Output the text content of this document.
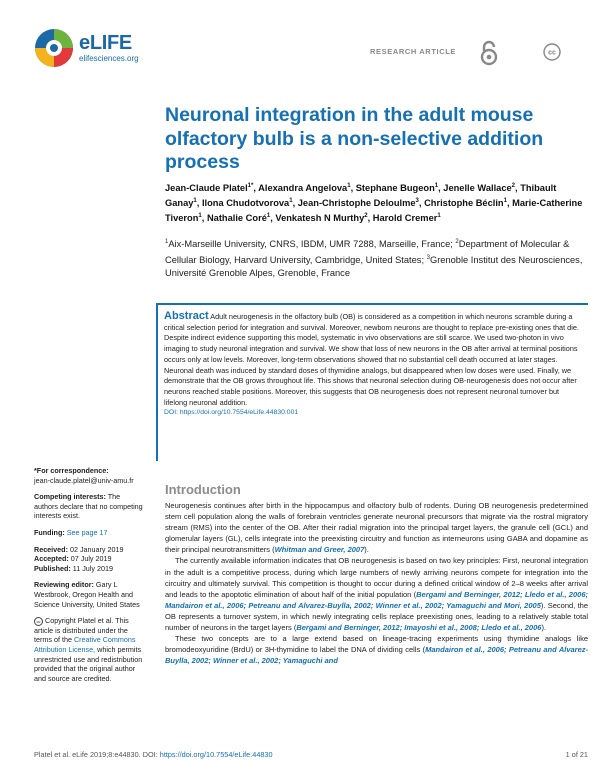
eLIFE
elifesciences.org
RESEARCH ARTICLE	cc
Neuronal integration in the adult mouse olfactory bulb is a non-selective addition process
Jean-Claude Platel$^{1*}$, Alexandra Angelova$^1$, Stephane Bugeon$^1$, Jenelle Wallace$^2$, Thibault Ganay$^1$, Ilona Chudotvorova$^1$, Jean-Christophe Deloulme$^3$, Christophe Béclin$^1$, Marie-Catherine Tiveron$^1$, Nathalie Coré$^1$, Venkatesh N Murthy$^2$, Harold Cremer$^1$
$^1$Aix-Marseille University, CNRS, IBDM, UMR 7288, Marseille, France; $^2$Department of Molecular & Cellular Biology, Harvard University, Cambridge, United States; $^3$Grenoble Institut des Neurosciences, Université Grenoble Alpes, Grenoble, France
Abstract Adult neurogenesis in the olfactory bulb (OB) is considered as a competition in which neurons scramble during a critical selection period for integration and survival. Moreover, newborn neurons are thought to replace pre-existing ones that die. Despite indirect evidence supporting this model, systematic in vivo observations are still scarce. We used two-photon in vivo imaging to study neuronal integration and survival. We show that loss of new neurons in the OB after arrival at terminal positions occurs only at low levels. Moreover, long-term observations showed that no substantial cell death occurred at later stages. Neuronal death was induced by standard doses of thymidine analogs, but disappeared when low doses were used. Finally, we demonstrate that the OB grows throughout life. This shows that neuronal selection during OB-neurogenesis does not occur after neurons reached stable positions. Moreover, this suggests that OB neurogenesis does not represent neuronal turnover but lifelong neuronal addition.
DOI: https://doi.org/10.7554/eLife.44830.001
*For correspondence:
jean-claude.platel@univ-amu.fr
Competing interests: The authors declare that no competing interests exist.
Funding: See page 17
Received: 02 January 2019
Accepted: 07 July 2019
Published: 11 July 2019
Reviewing editor: Gary L Westbrook, Oregon Health and Science University, United States
cc Copyright Platel et al. This article is distributed under the terms of the Creative Commons Attribution License, which permits unrestricted use and redistribution provided that the original author and source are credited.
Introduction

Neurogenesis continues after birth in the hippocampus and olfactory bulb of rodents. During OB neurogenesis predetermined stem cell population along the walls of forebrain ventricles generate neuronal precursors that migrate via the rostral migratory stream (RMS) into the center of the OB. After their radial migration into the principal target layers, the granule cell (GCL) and glomerular layers (GL), cells integrate into the preexisting circuitry and function as interneurons using GABA and dopamine as their principal neurotransmitters (Whitman and Greer, 2007).

The currently available information indicates that OB neurogenesis is based on two key principles: First, neuronal integration in the adult is a competitive process, during which large numbers of newly arriving neurons compete for integration into the circuitry and ultimately survival. This competition is thought to occur during a defined critical window of 2–8 weeks after arrival and leads to the apoptotic elimination of about half of the initial population (Bergami and Berninger, 2012; Lledo et al., 2006; Mandairon et al., 2006; Petreanu and Alvarez-Buylla, 2002; Winner et al., 2002; Yamaguchi and Mori, 2005). Second, the OB represents a turnover system, in which newly integrating cells replace preexisting ones, leading to a relatively stable total number of neurons in the target layers (Bergami and Berninger, 2012; Imayoshi et al., 2008; Lledo et al., 2006).

These two concepts are to a large extend based on lineage-tracing experiments using thymidine analogs like bromodeoxyuridine (BrdU) or 3H-thymidine to label the DNA of dividing cells (Mandairon et al., 2006; Petreanu and Alvarez-Buylla, 2002; Winner et al., 2002; Yamaguchi and

Platel et al. eLife 2019;8:e44830. DOI: https://doi.org/10.7554/eLife.44830	1 of 21
